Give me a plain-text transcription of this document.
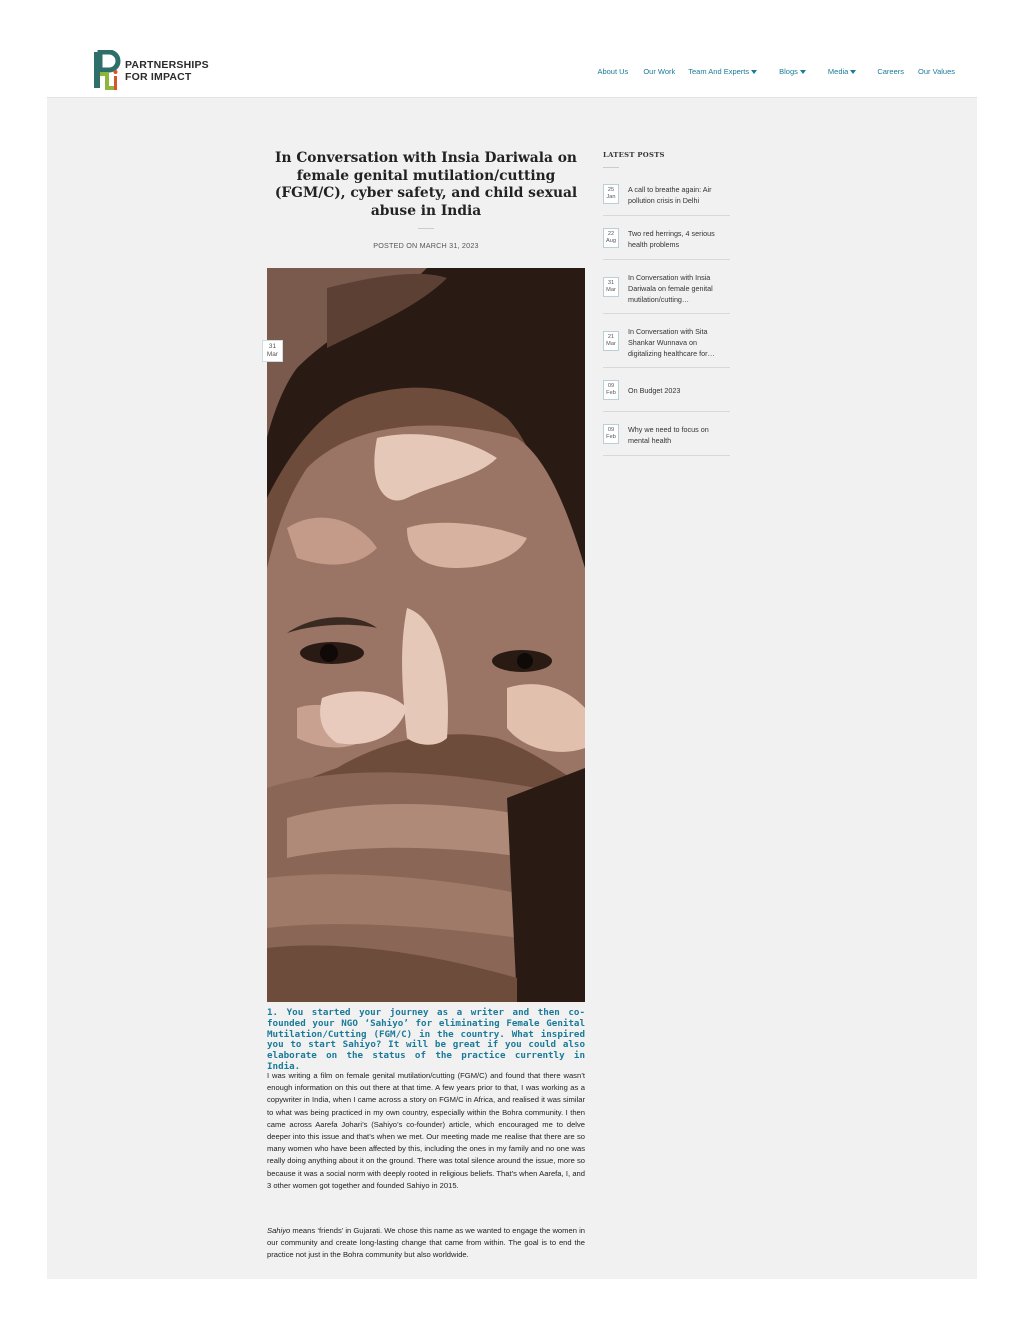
PARTNERSHIPS
FOR IMPACT	About Us Our Work Team And Experts	Blogs	Media	Careers Our Values
In Conversation with Insia Dariwala on female genital mutilation/cutting (FGM/C), cyber safety, and child sexual abuse in India
POSTED ON MARCH 31, 2023
31
Mar

1. You started your journey as a writer and then co-founded your NGO ‘Sahiyo’ for eliminating Female Genital Mutilation/Cutting (FGM/C) in the country. What inspired you to start Sahiyo? It will be great if you could also elaborate on the status of the practice currently in India.

I was writing a film on female genital mutilation/cutting (FGM/C) and found that there wasn’t enough information on this out there at that time. A few years prior to that, I was working as a copywriter in India, when I came across a story on FGM/C in Africa, and realised it was similar to what was being practiced in my own country, especially within the Bohra community. I then came across Aarefa Johari’s (Sahiyo’s co-founder) article, which encouraged me to delve deeper into this issue and that’s when we met. Our meeting made me realise that there are so many women who have been affected by this, including the ones in my family and no one was really doing anything about it on the ground. There was total silence around the issue, more so because it was a social norm with deeply rooted in religious beliefs. That’s when Aarefa, I, and 3 other women got together and founded Sahiyo in 2015.

Sahiyo means ‘friends’ in Gujarati. We chose this name as we wanted to engage the women in our community and create long-lasting change that came from within. The goal is to end the practice not just in the Bohra community but also worldwide.

LATEST POSTS
25
Jan
A call to breathe again: Air pollution crisis in Delhi
22
Aug
Two red herrings, 4 serious health problems
31
Mar
In Conversation with Insia Dariwala on female genital mutilation/cutting…
21
Mar
In Conversation with Sita Shankar Wunnava on digitalizing healthcare for…
09
Feb	On Budget 2023
09
Feb
Why we need to focus on mental health
